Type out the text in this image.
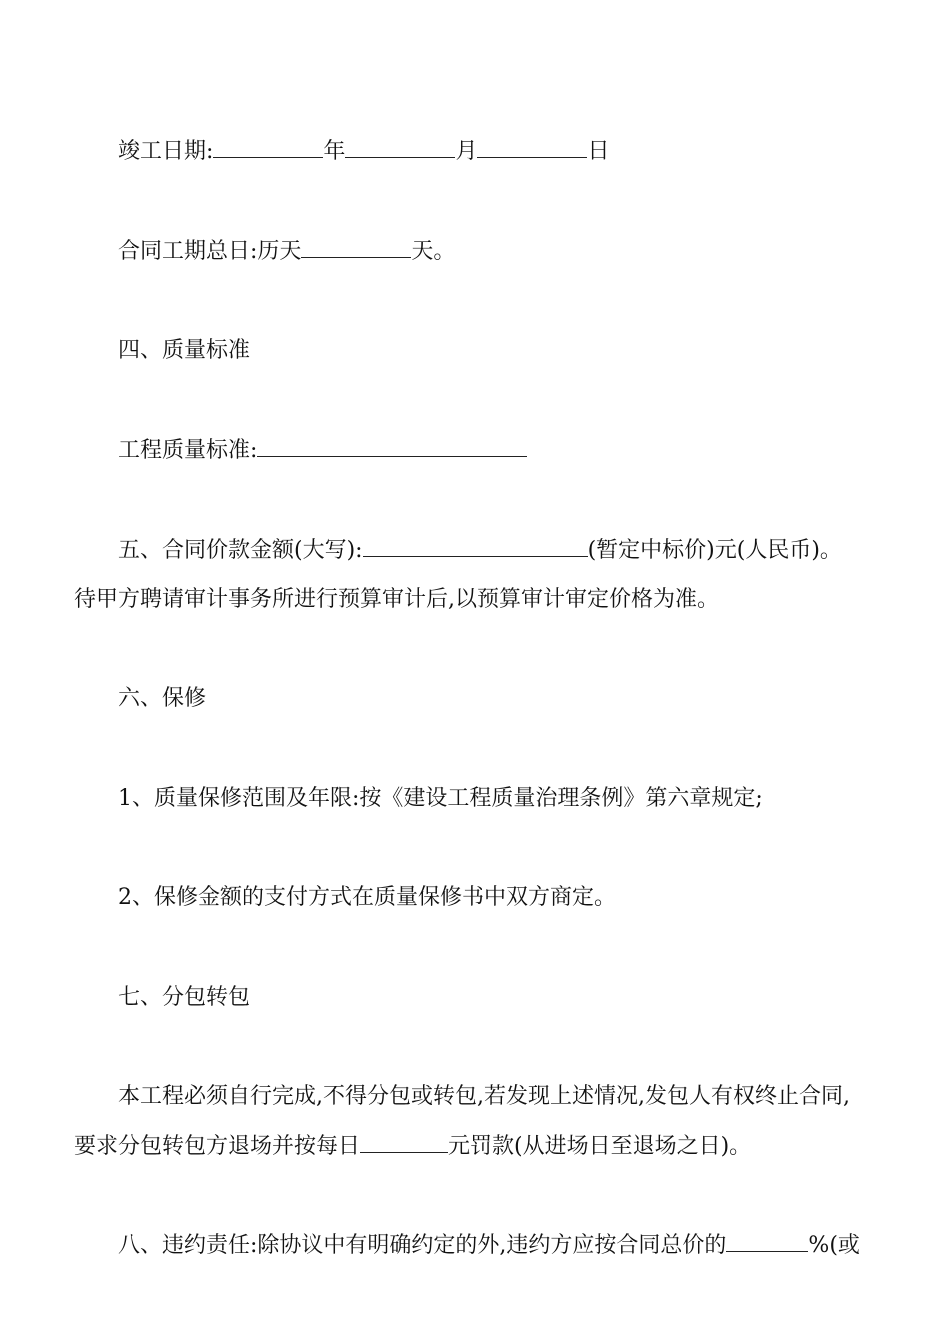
竣工日期:	年	月	日
合同工期总日:历天	天。
四、质量标准
工程质量标准:
五、合同价款金额(大写):	(暂定中标价)元(人民币)。
待甲方聘请审计事务所进行预算审计后,以预算审计审定价格为准。
六、保修
1、质量保修范围及年限:按《建设工程质量治理条例》第六章规定;
2、保修金额的支付方式在质量保修书中双方商定。
七、分包转包
本工程必须自行完成,不得分包或转包,若发现上述情况,发包人有权终止合同,
要求分包转包方退场并按每日	元罚款(从进场日至退场之日)。
八、违约责任:除协议中有明确约定的外,违约方应按合同总价的	%(或
